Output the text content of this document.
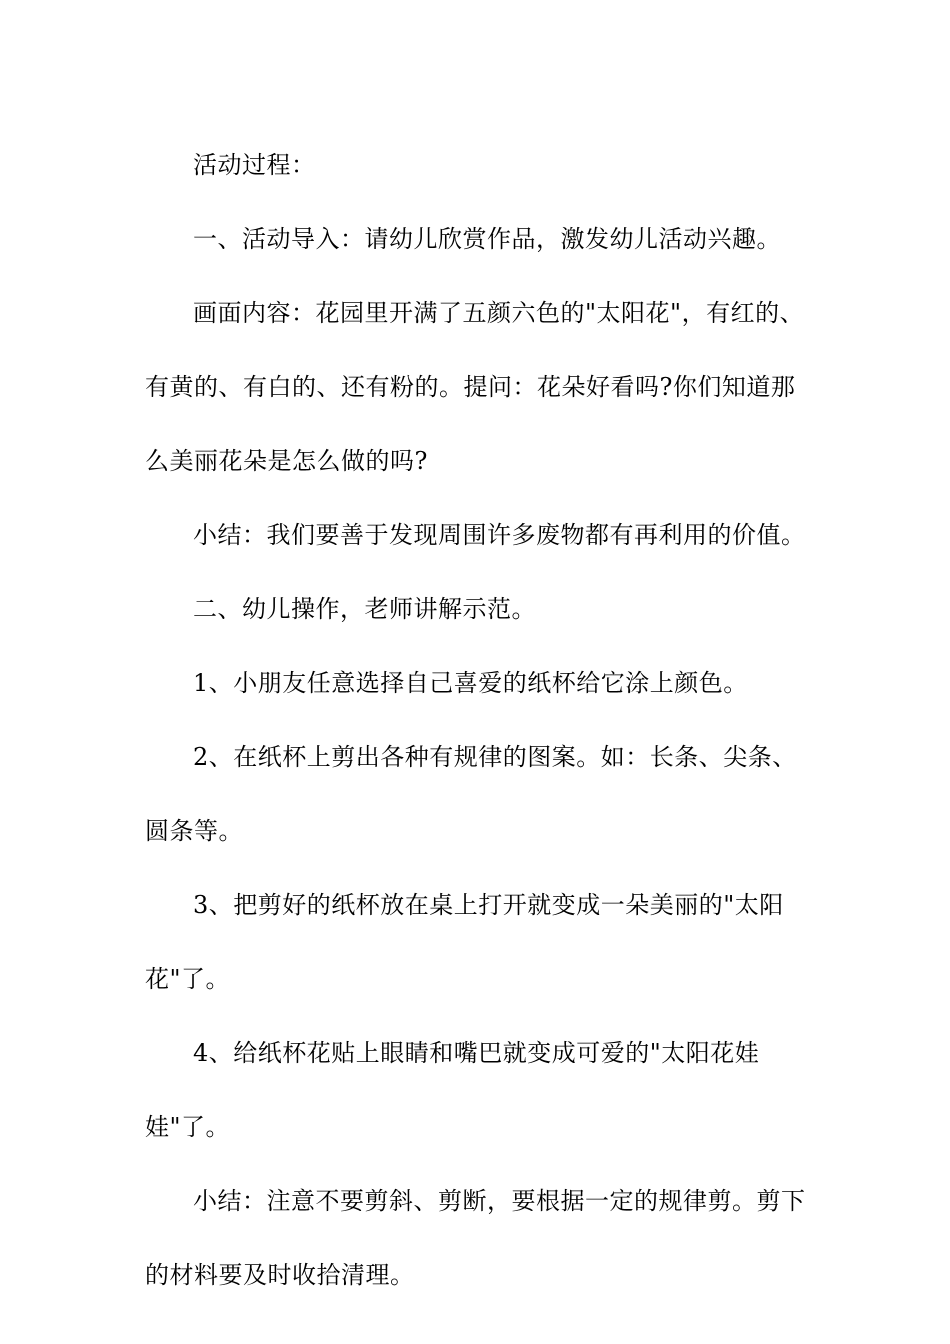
活动过程：

一、活动导入：请幼儿欣赏作品，激发幼儿活动兴趣。

画面内容：花园里开满了五颜六色的"太阳花"，有红的、有黄的、有白的、还有粉的。提问：花朵好看吗?你们知道那么美丽花朵是怎么做的吗?

小结：我们要善于发现周围许多废物都有再利用的价值。

二、幼儿操作，老师讲解示范。

1、小朋友任意选择自己喜爱的纸杯给它涂上颜色。

2、在纸杯上剪出各种有规律的图案。如：长条、尖条、圆条等。

3、把剪好的纸杯放在桌上打开就变成一朵美丽的"太阳花"了。

4、给纸杯花贴上眼睛和嘴巴就变成可爱的"太阳花娃娃"了。

小结：注意不要剪斜、剪断，要根据一定的规律剪。剪下的材料要及时收拾清理。
